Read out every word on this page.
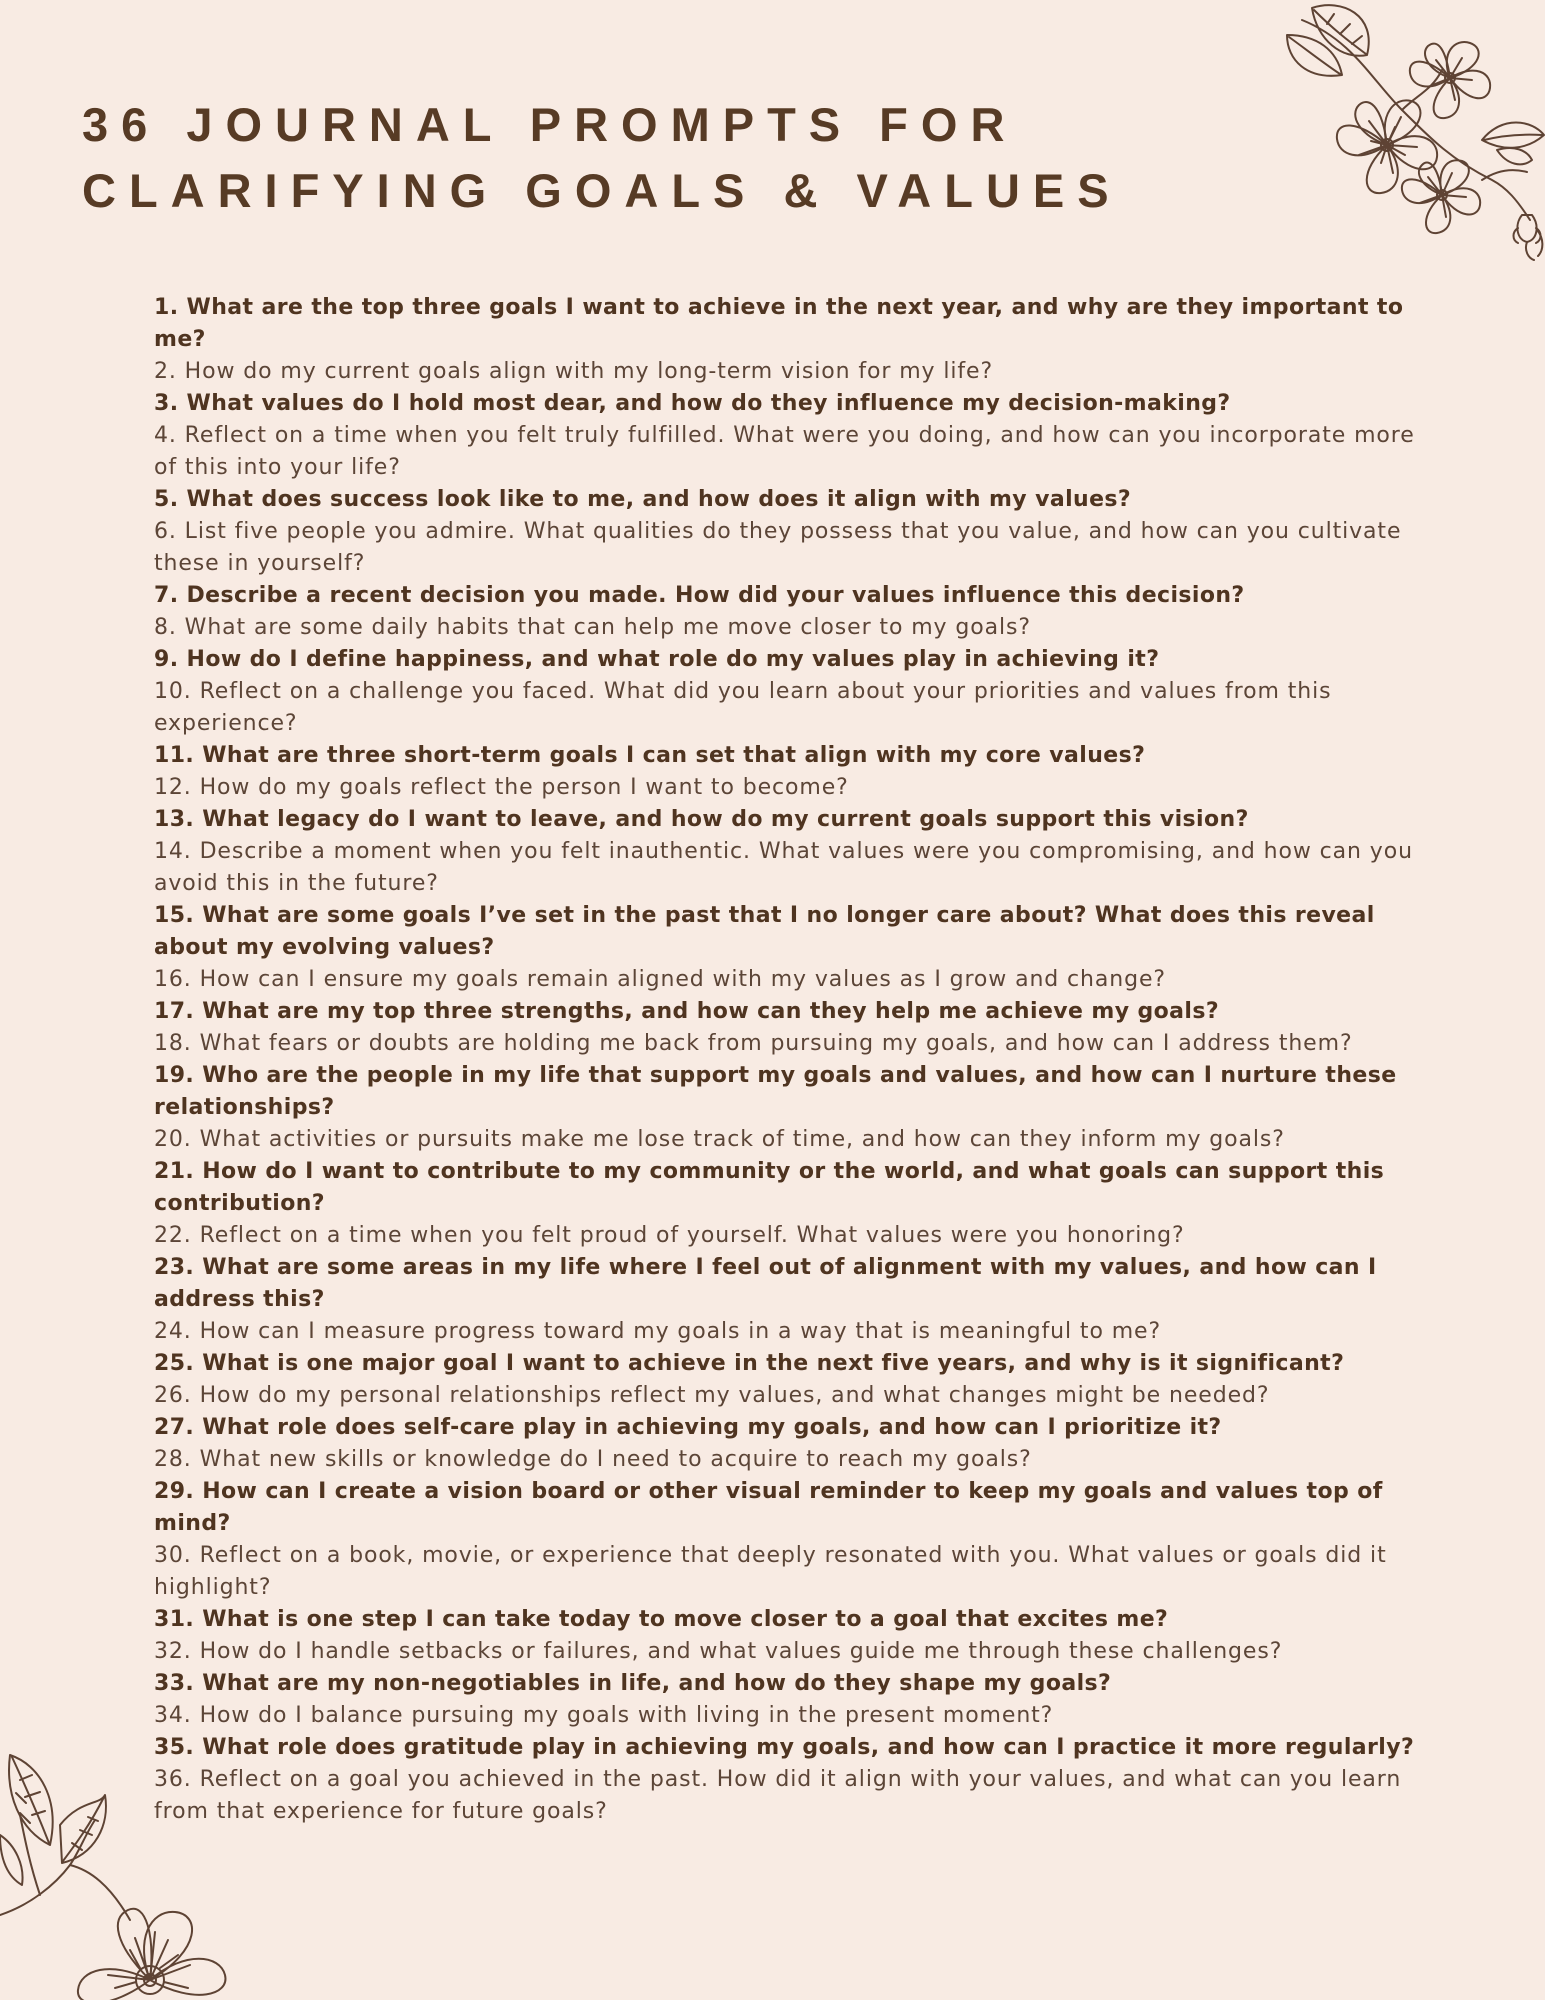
36 JOURNAL PROMPTS FOR
CLARIFYING GOALS & VALUES
1. What are the top three goals I want to achieve in the next year, and why are they important to me?
2. How do my current goals align with my long-term vision for my life?
3. What values do I hold most dear, and how do they influence my decision-making?
4. Reflect on a time when you felt truly fulfilled. What were you doing, and how can you incorporate more of this into your life?
5. What does success look like to me, and how does it align with my values?
6. List five people you admire. What qualities do they possess that you value, and how can you cultivate these in yourself?
7. Describe a recent decision you made. How did your values influence this decision?
8. What are some daily habits that can help me move closer to my goals?
9. How do I define happiness, and what role do my values play in achieving it?
10. Reflect on a challenge you faced. What did you learn about your priorities and values from this experience?
11. What are three short-term goals I can set that align with my core values?
12. How do my goals reflect the person I want to become?
13. What legacy do I want to leave, and how do my current goals support this vision?
14. Describe a moment when you felt inauthentic. What values were you compromising, and how can you avoid this in the future?
15. What are some goals I’ve set in the past that I no longer care about? What does this reveal about my evolving values?
16. How can I ensure my goals remain aligned with my values as I grow and change?
17. What are my top three strengths, and how can they help me achieve my goals?
18. What fears or doubts are holding me back from pursuing my goals, and how can I address them?
19. Who are the people in my life that support my goals and values, and how can I nurture these relationships?
20. What activities or pursuits make me lose track of time, and how can they inform my goals?
21. How do I want to contribute to my community or the world, and what goals can support this contribution?
22. Reflect on a time when you felt proud of yourself. What values were you honoring?
23. What are some areas in my life where I feel out of alignment with my values, and how can I address this?
24. How can I measure progress toward my goals in a way that is meaningful to me?
25. What is one major goal I want to achieve in the next five years, and why is it significant?
26. How do my personal relationships reflect my values, and what changes might be needed?
27. What role does self-care play in achieving my goals, and how can I prioritize it?
28. What new skills or knowledge do I need to acquire to reach my goals?
29. How can I create a vision board or other visual reminder to keep my goals and values top of mind?
30. Reflect on a book, movie, or experience that deeply resonated with you. What values or goals did it highlight?
31. What is one step I can take today to move closer to a goal that excites me?
32. How do I handle setbacks or failures, and what values guide me through these challenges?
33. What are my non-negotiables in life, and how do they shape my goals?
34. How do I balance pursuing my goals with living in the present moment?
35. What role does gratitude play in achieving my goals, and how can I practice it more regularly?
36. Reflect on a goal you achieved in the past. How did it align with your values, and what can you learn from that experience for future goals?
